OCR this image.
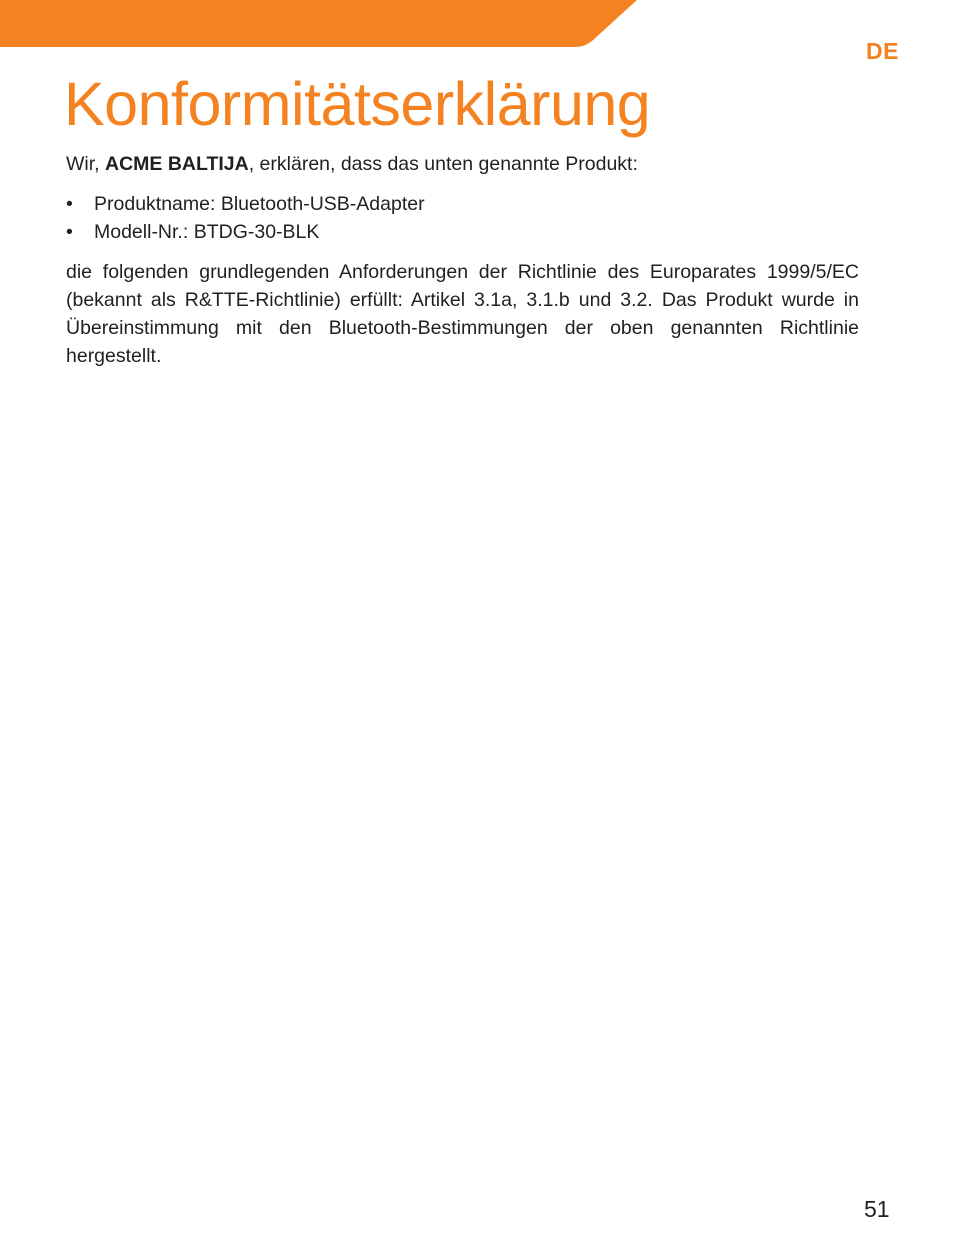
DE
Konformitätserklärung

Wir, ACME BALTIJA, erklären, dass das unten genannte Produkt:

• Produktname: Bluetooth-USB-Adapter
• Modell-Nr.: BTDG-30-BLK

die folgenden grundlegenden Anforderungen der Richtlinie des Europarates 1999/5/EC (bekannt als R&TTE-Richtlinie) erfüllt: Artikel 3.1a, 3.1.b und 3.2. Das Produkt wurde in Übereinstimmung mit den Bluetooth-Bestimmungen der oben genannten Richtlinie hergestellt.

51
